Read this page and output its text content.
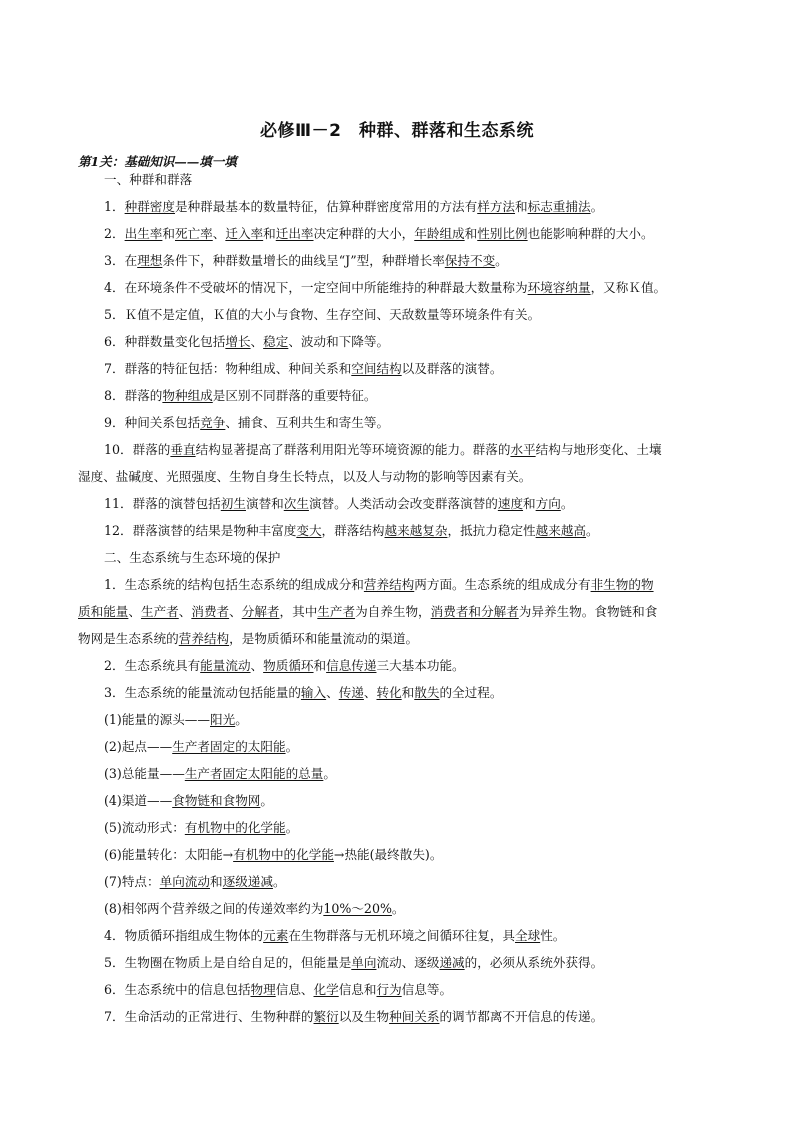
必修Ⅲ－2　种群、群落和生态系统
第1关：基础知识——填一填
一、种群和群落
1．种群密度是种群最基本的数量特征，估算种群密度常用的方法有样方法和标志重捕法。
2．出生率和死亡率、迁入率和迁出率决定种群的大小，年龄组成和性别比例也能影响种群的大小。
3．在理想条件下，种群数量增长的曲线呈“J”型，种群增长率保持不变。
4．在环境条件不受破坏的情况下，一定空间中所能维持的种群最大数量称为环境容纳量，又称Ｋ值。
5．Ｋ值不是定值，Ｋ值的大小与食物、生存空间、天敌数量等环境条件有关。
6．种群数量变化包括增长、稳定、波动和下降等。
7．群落的特征包括：物种组成、种间关系和空间结构以及群落的演替。
8．群落的物种组成是区别不同群落的重要特征。
9．种间关系包括竞争、捕食、互利共生和寄生等。
10．群落的垂直结构显著提高了群落利用阳光等环境资源的能力。群落的水平结构与地形变化、土壤
湿度、盐碱度、光照强度、生物自身生长特点，以及人与动物的影响等因素有关。
11．群落的演替包括初生演替和次生演替。人类活动会改变群落演替的速度和方向。
12．群落演替的结果是物种丰富度变大，群落结构越来越复杂，抵抗力稳定性越来越高。
二、生态系统与生态环境的保护
1．生态系统的结构包括生态系统的组成成分和营养结构两方面。生态系统的组成成分有非生物的物
质和能量、生产者、消费者、分解者，其中生产者为自养生物，消费者和分解者为异养生物。食物链和食
物网是生态系统的营养结构，是物质循环和能量流动的渠道。
2．生态系统具有能量流动、物质循环和信息传递三大基本功能。
3．生态系统的能量流动包括能量的输入、传递、转化和散失的全过程。
(1)能量的源头——阳光。
(2)起点——生产者固定的太阳能。
(3)总能量——生产者固定太阳能的总量。
(4)渠道——食物链和食物网。
(5)流动形式：有机物中的化学能。
(6)能量转化：太阳能→有机物中的化学能→热能(最终散失)。
(7)特点：单向流动和逐级递减。
(8)相邻两个营养级之间的传递效率约为10%～20%。
4．物质循环指组成生物体的元素在生物群落与无机环境之间循环往复，具全球性。
5．生物圈在物质上是自给自足的，但能量是单向流动、逐级递减的，必须从系统外获得。
6．生态系统中的信息包括物理信息、化学信息和行为信息等。
7．生命活动的正常进行、生物种群的繁衍以及生物种间关系的调节都离不开信息的传递。
